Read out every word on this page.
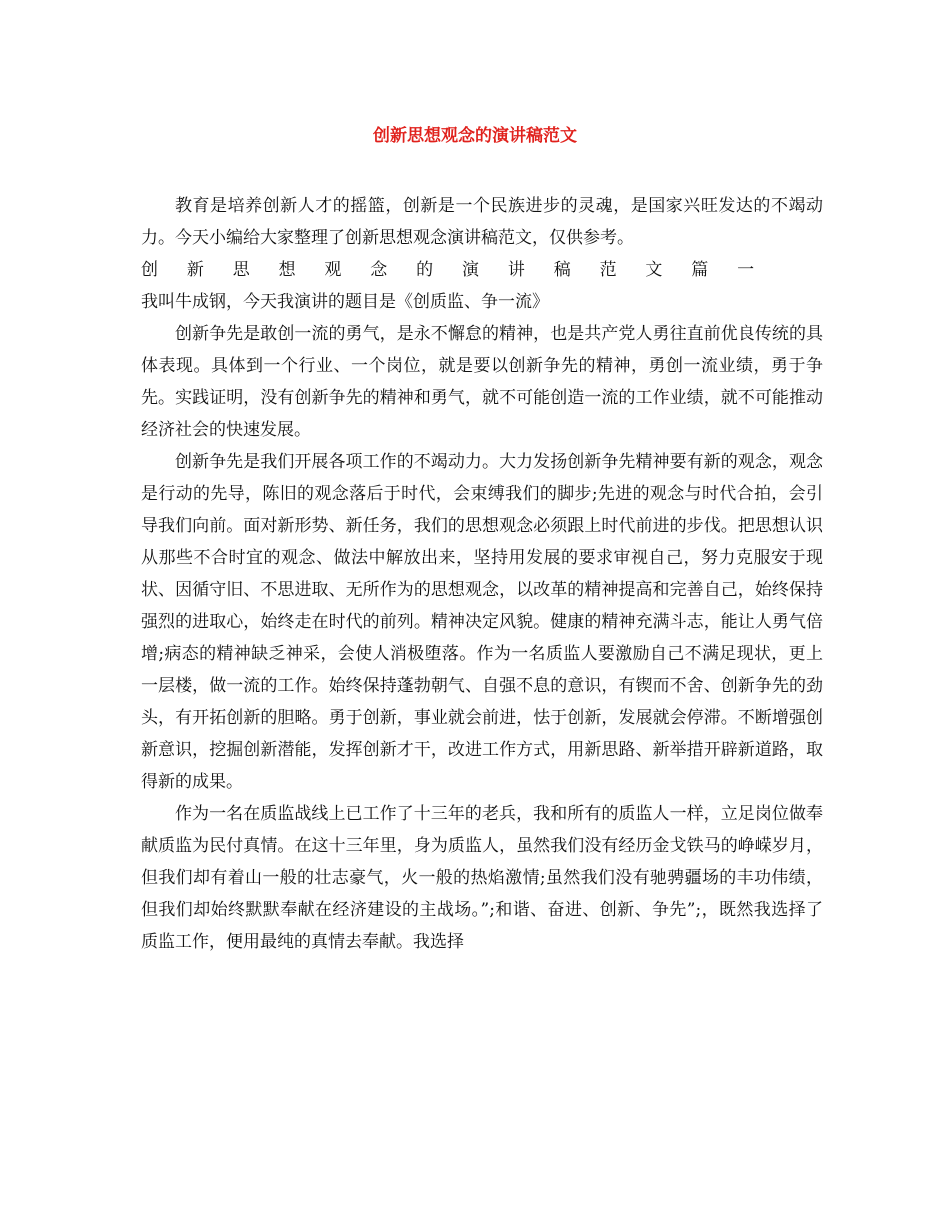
创新思想观念的演讲稿范文

教育是培养创新人才的摇篮，创新是一个民族进步的灵魂，是国家兴旺发达的不竭动力。今天小编给大家整理了创新思想观念演讲稿范文，仅供参考。

创新思想观念的演讲稿范文篇一我叫牛成钢，今天我演讲的题目是《创质监、争一流》

创新争先是敢创一流的勇气，是永不懈怠的精神，也是共产党人勇往直前优良传统的具体表现。具体到一个行业、一个岗位，就是要以创新争先的精神，勇创一流业绩，勇于争先。实践证明，没有创新争先的精神和勇气，就不可能创造一流的工作业绩，就不可能推动经济社会的快速发展。

创新争先是我们开展各项工作的不竭动力。大力发扬创新争先精神要有新的观念，观念是行动的先导，陈旧的观念落后于时代，会束缚我们的脚步;先进的观念与时代合拍，会引导我们向前。面对新形势、新任务，我们的思想观念必须跟上时代前进的步伐。把思想认识从那些不合时宜的观念、做法中解放出来，坚持用发展的要求审视自己，努力克服安于现状、因循守旧、不思进取、无所作为的思想观念，以改革的精神提高和完善自己，始终保持强烈的进取心，始终走在时代的前列。精神决定风貌。健康的精神充满斗志，能让人勇气倍增;病态的精神缺乏神采，会使人消极堕落。作为一名质监人要激励自己不满足现状，更上一层楼，做一流的工作。始终保持蓬勃朝气、自强不息的意识，有锲而不舍、创新争先的劲头，有开拓创新的胆略。勇于创新，事业就会前进，怯于创新，发展就会停滞。不断增强创新意识，挖掘创新潜能，发挥创新才干，改进工作方式，用新思路、新举措开辟新道路，取得新的成果。

作为一名在质监战线上已工作了十三年的老兵，我和所有的质监人一样，立足岗位做奉献质监为民付真情。在这十三年里，身为质监人，虽然我们没有经历金戈铁马的峥嵘岁月，但我们却有着山一般的壮志豪气，火一般的热焰激情;虽然我们没有驰骋疆场的丰功伟绩，但我们却始终默默奉献在经济建设的主战场。”;和谐、奋进、创新、争先”;，既然我选择了质监工作，便用最纯的真情去奉献。我选择
